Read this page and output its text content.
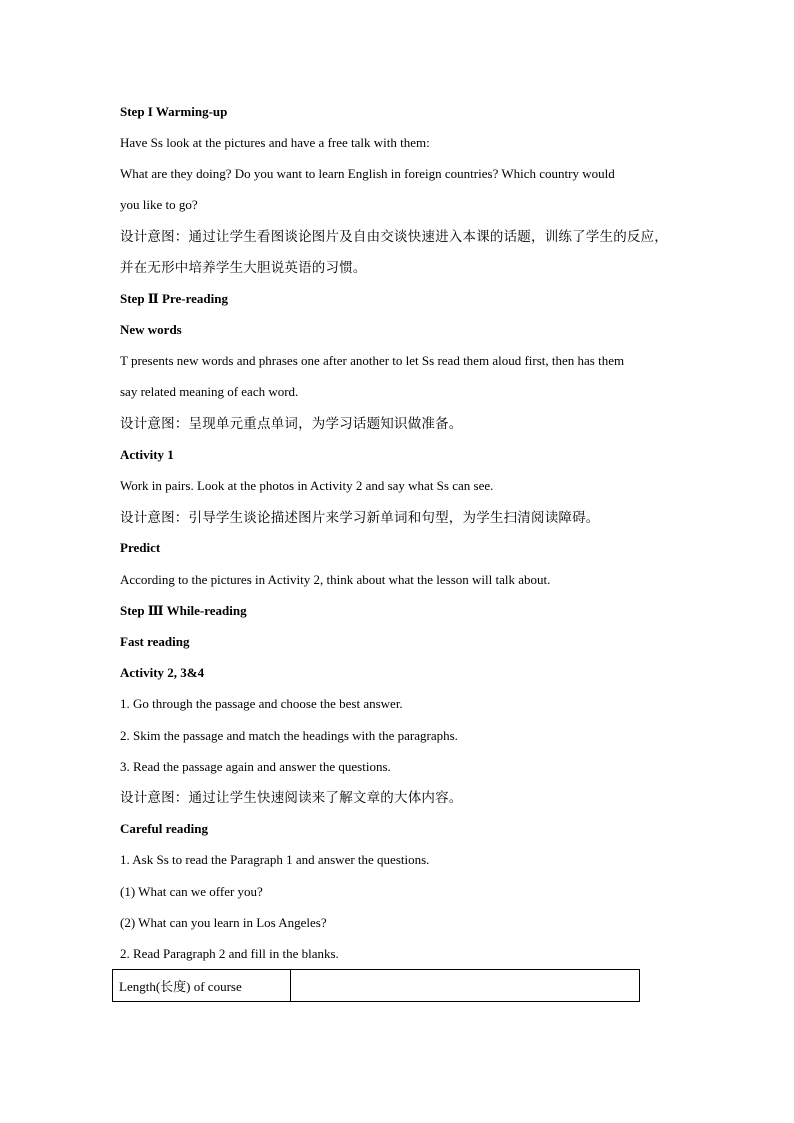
Step I Warming-up
Have Ss look at the pictures and have a free talk with them:
What are they doing? Do you want to learn English in foreign countries? Which country would
you like to go?
设计意图：通过让学生看图谈论图片及自由交谈快速进入本课的话题，训练了学生的反应，
并在无形中培养学生大胆说英语的习惯。
Step Ⅱ Pre-reading
New words
T presents new words and phrases one after another to let Ss read them aloud first, then has them
say related meaning of each word.
设计意图：呈现单元重点单词，为学习话题知识做准备。
Activity 1
Work in pairs. Look at the photos in Activity 2 and say what Ss can see.
设计意图：引导学生谈论描述图片来学习新单词和句型，为学生扫清阅读障碍。
Predict
According to the pictures in Activity 2, think about what the lesson will talk about.
Step Ⅲ While-reading
Fast reading
Activity 2, 3&4
1. Go through the passage and choose the best answer.
2. Skim the passage and match the headings with the paragraphs.
3. Read the passage again and answer the questions.
设计意图：通过让学生快速阅读来了解文章的大体内容。
Careful reading
1. Ask Ss to read the Paragraph 1 and answer the questions.
(1) What can we offer you?
(2) What can you learn in Los Angeles?
2. Read Paragraph 2 and fill in the blanks.
Length(长度) of course	
